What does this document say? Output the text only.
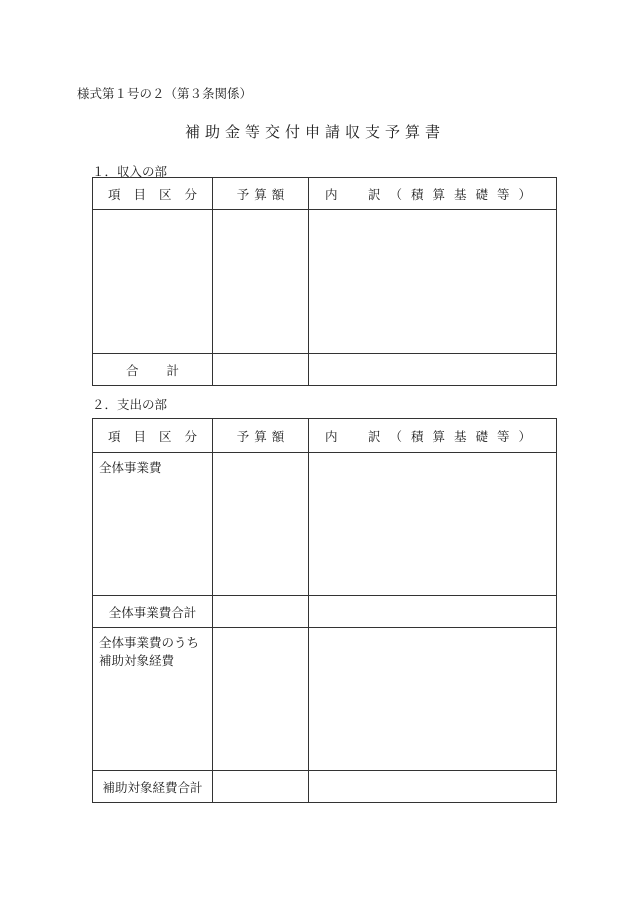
様式第１号の２（第３条関係）
補助金等交付申請収支予算書
１．収入の部
項目区分	予算額	内　訳（積算基礎等）

合計		
２．支出の部
項目区分	予算額	内　訳（積算基礎等）
全体事業費		
全体事業費合計		
全体事業費のうち補助対象経費		
補助対象経費合計		
